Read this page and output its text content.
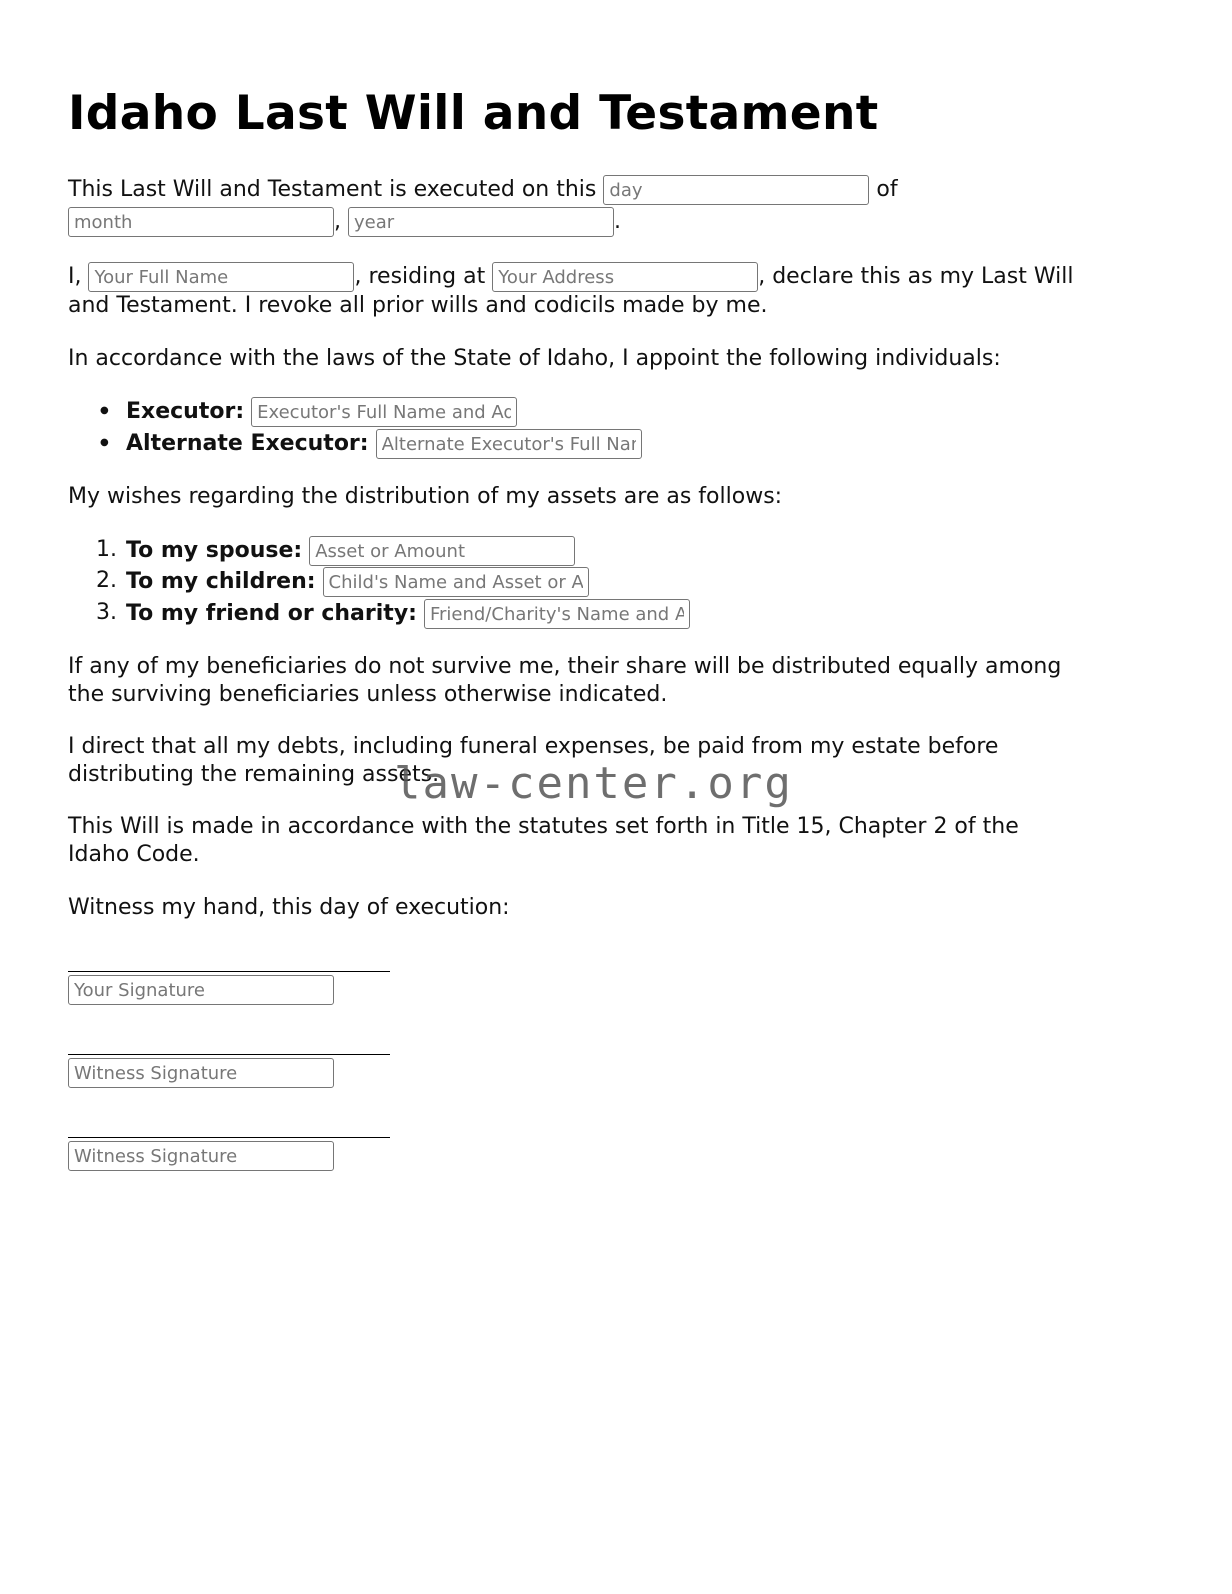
Idaho Last Will and Testament
This Last Will and Testament is executed on this day	of
month, year	.
I, Your Full Name	, residing at Your Address	, declare this as my Last Will
and Testament. I revoke all prior wills and codicils made by me.
In accordance with the laws of the State of Idaho, I appoint the following individuals:
● Executor: Executor's Full Name and Address
● Alternate Executor: Alternate Executor's Full Name and Address
My wishes regarding the distribution of my assets are as follows:
1. To my spouse: Asset or Amount
2. To my children: Child's Name and Asset or Amount
3. To my friend or charity: Friend/Charity's Name and Asset or Amount
If any of my beneficiaries do not survive me, their share will be distributed equally among
the surviving beneficiaries unless otherwise indicated.
I direct that all my debts, including funeral expenses, be paid from my estate before
distributing the remaining assets.
This Will is made in accordance with the statutes set forth in Title 15, Chapter 2 of the
Idaho Code.
Witness my hand, this day of execution:
Your Signature
Witness Signature
Witness Signature
law-center.org
